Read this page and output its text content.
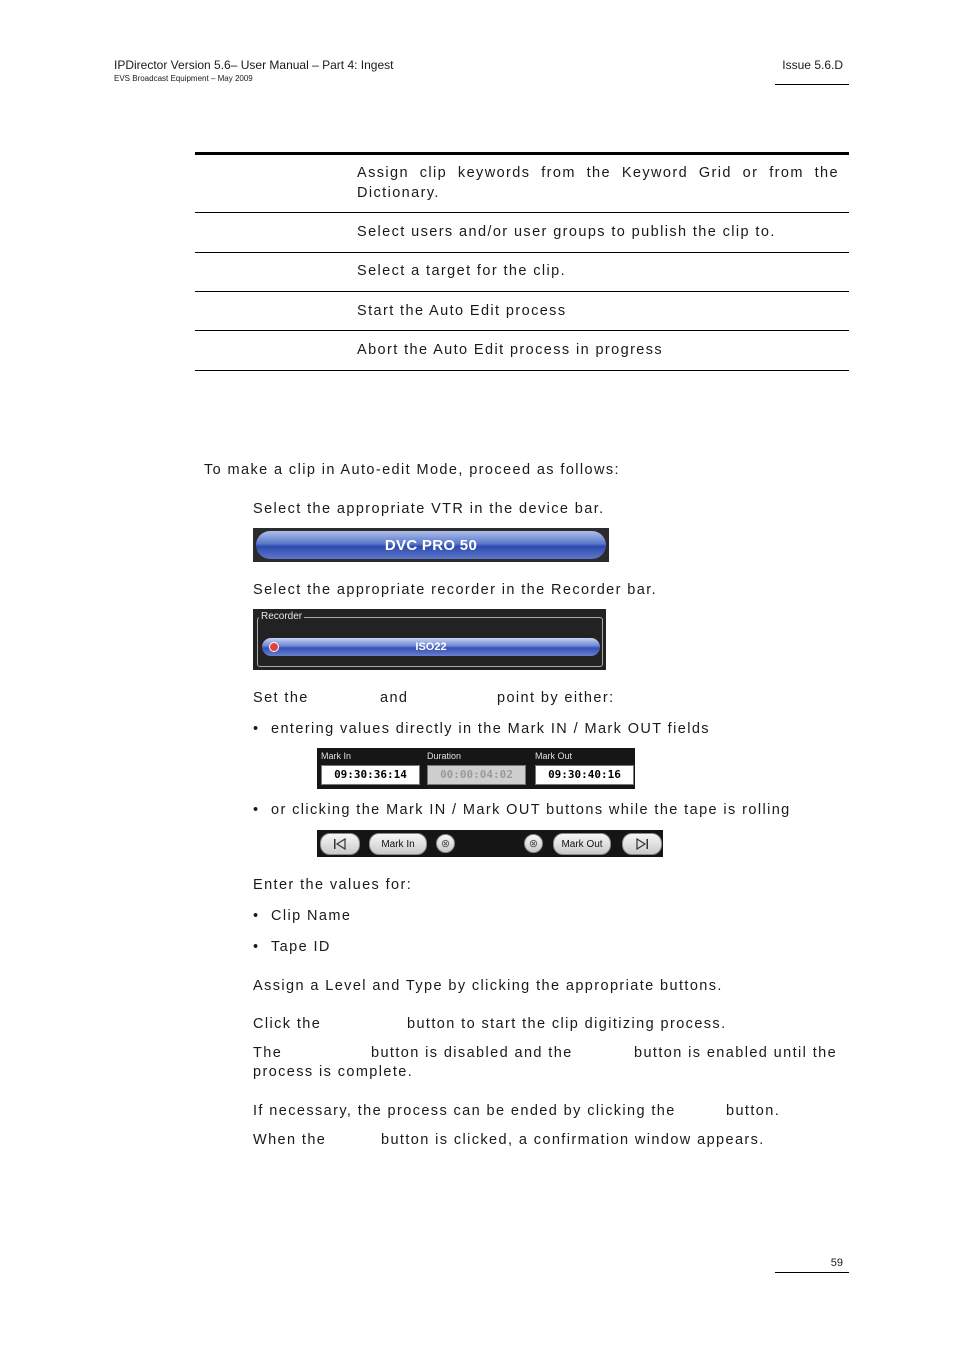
IPDirector Version 5.6– User Manual – Part 4: Ingest
EVS Broadcast Equipment – May 2009
Issue 5.6.D
Assign clip keywords from the Keyword Grid or from the Dictionary.
Select users and/or user groups to publish the clip to.
Select a target for the clip.
Start the Auto Edit process
Abort the Auto Edit process in progress
To make a clip in Auto-edit Mode, proceed as follows:
Select the appropriate VTR in the device bar.
DVC PRO 50
Select the appropriate recorder in the Recorder bar.
ISO22
Recorder
Set the	and	point by either:
• entering values directly in the Mark IN / Mark OUT fields
Mark In	Duration	Mark Out
09:30:36:14	00:00:04:02	09:30:40:16
• or clicking the Mark IN / Mark OUT buttons while the tape is rolling
Mark In ⊗	⊗ Mark Out
Enter the values for:
• Clip Name
• Tape ID
Assign a Level and Type by clicking the appropriate buttons.
Click the	button to start the clip digitizing process.
The	button is disabled and the	button is enabled until the
process is complete.
If necessary, the process can be ended by clicking the	button.
When the	button is clicked, a confirmation window appears.
59
